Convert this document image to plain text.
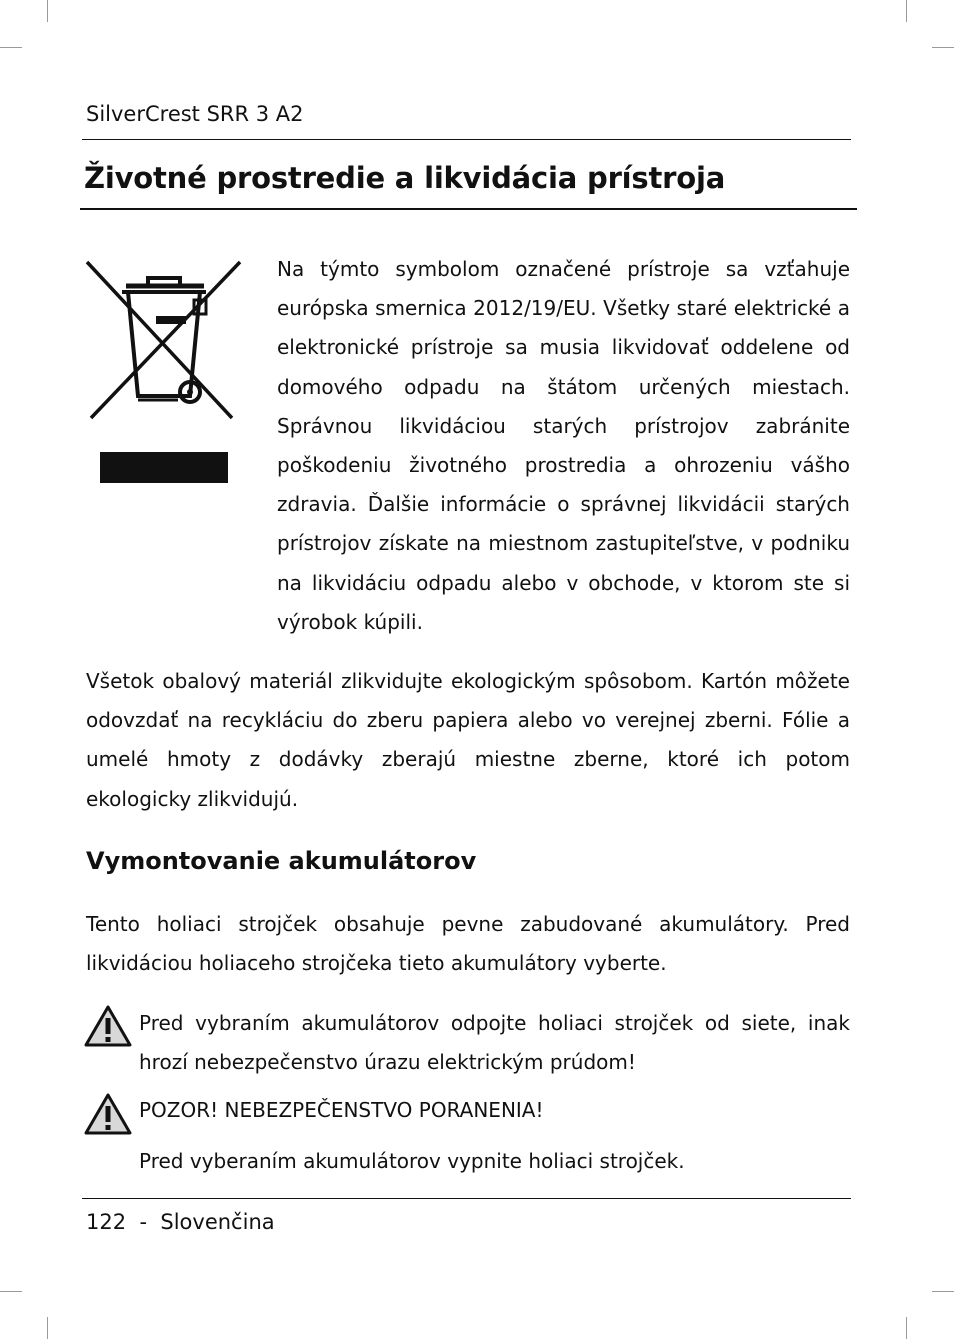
SilverCrest SRR 3 A2
Životné prostredie a likvidácia prístroja

Na týmto symbolom označené prístroje sa vzťahuje európska smernica 2012/19/EU. Všetky staré elektrické a elektronické prístroje sa musia likvidovať oddelene od domového odpadu na štátom určených miestach. Správnou likvidáciou starých prístrojov zabránite poškodeniu životného prostredia a ohrozeniu vášho zdravia. Ďalšie informácie o správnej likvidácii starých prístrojov získate na miestnom zastupiteľstve, v podniku na likvidáciu odpadu alebo v obchode, v ktorom ste si výrobok kúpili.

Všetok obalový materiál zlikvidujte ekologickým spôsobom. Kartón môžete odovzdať na recykláciu do zberu papiera alebo vo verejnej zberni. Fólie a umelé hmoty z dodávky zberajú miestne zberne, ktoré ich potom ekologicky zlikvidujú.

Vymontovanie akumulátorov

Tento holiaci strojček obsahuje pevne zabudované akumulátory. Pred likvidáciou holiaceho strojčeka tieto akumulátory vyberte.

Pred vybraním akumulátorov odpojte holiaci strojček od siete, inak hrozí nebezpečenstvo úrazu elektrickým prúdom!

POZOR! NEBEZPEČENSTVO PORANENIA!
Pred vyberaním akumulátorov vypnite holiaci strojček.
122 - Slovenčina
